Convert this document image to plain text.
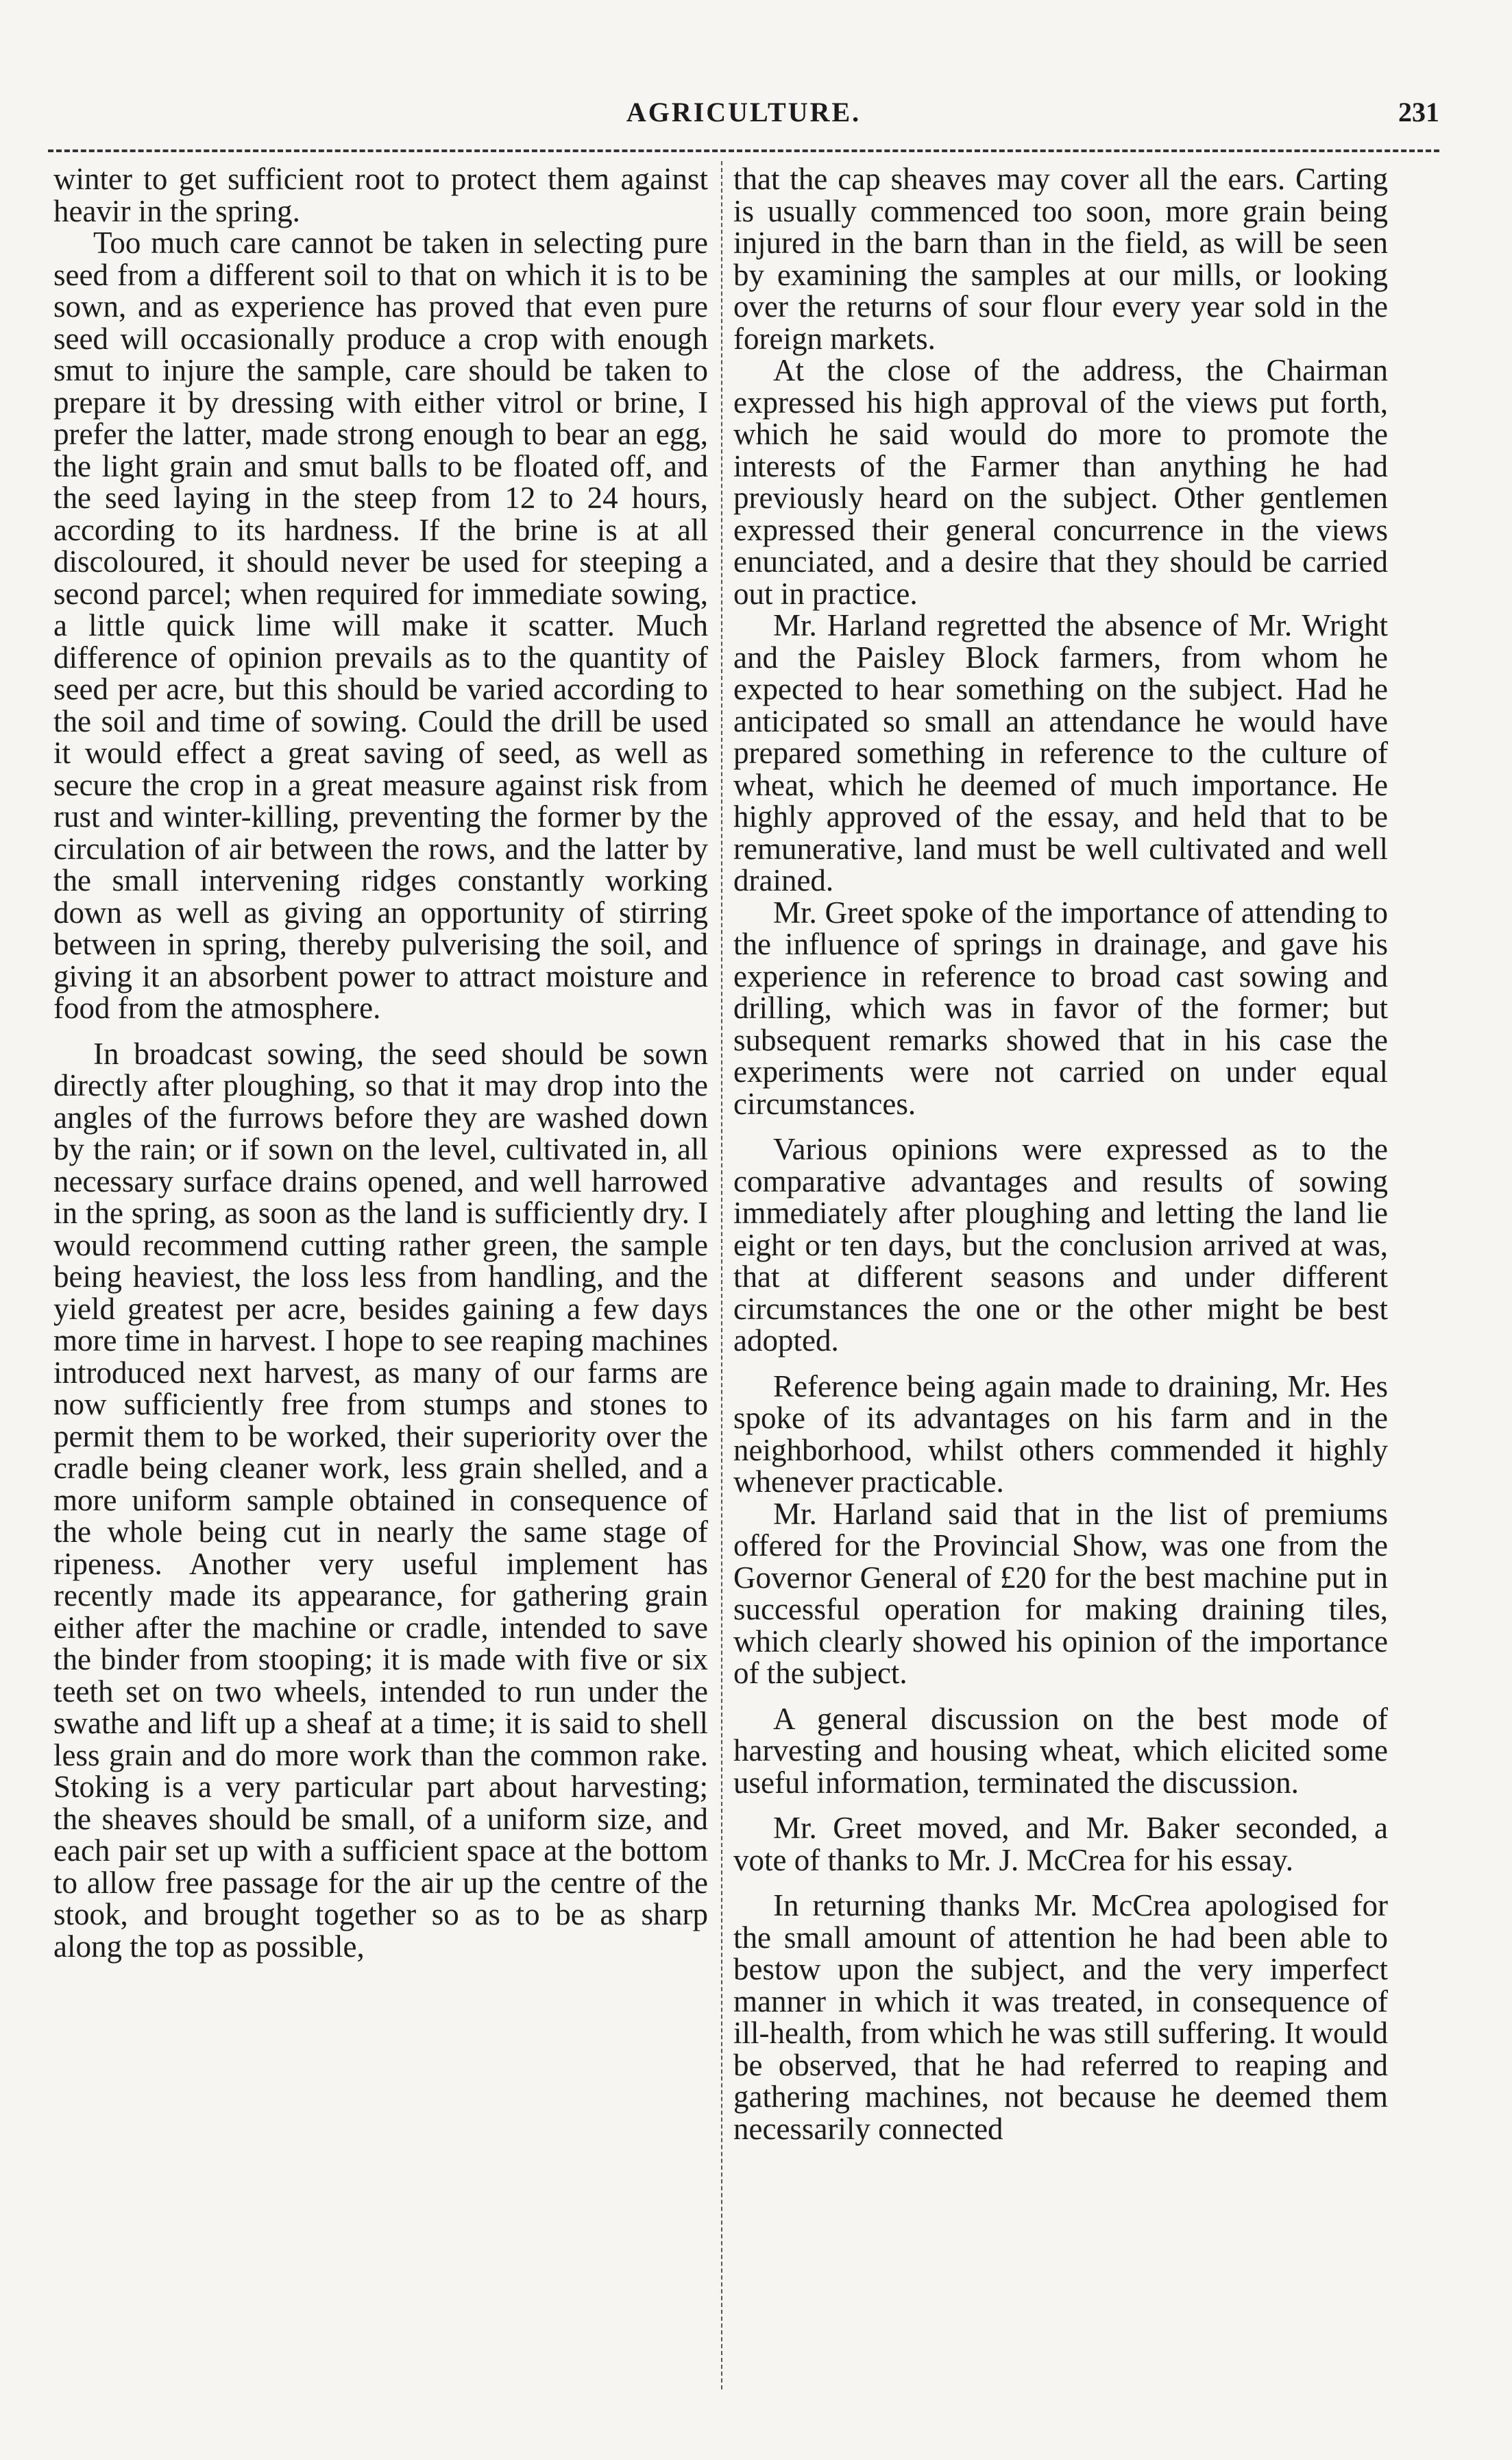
AGRICULTURE.	231

winter to get sufficient root to protect them against heavir in the spring.

Too much care cannot be taken in selecting pure seed from a different soil to that on which it is to be sown, and as experience has proved that even pure seed will occasionally produce a crop with enough smut to injure the sample, care should be taken to prepare it by dressing with either vitrol or brine, I prefer the latter, made strong enough to bear an egg, the light grain and smut balls to be floated off, and the seed laying in the steep from 12 to 24 hours, according to its hardness. If the brine is at all discoloured, it should never be used for steeping a second parcel; when required for immediate sowing, a little quick lime will make it scatter. Much difference of opinion prevails as to the quantity of seed per acre, but this should be varied according to the soil and time of sowing. Could the drill be used it would effect a great saving of seed, as well as secure the crop in a great measure against risk from rust and winter-killing, preventing the former by the circulation of air between the rows, and the latter by the small intervening ridges constantly working down as well as giving an opportunity of stirring between in spring, thereby pulverising the soil, and giving it an absorbent power to attract moisture and food from the atmosphere.

In broadcast sowing, the seed should be sown directly after ploughing, so that it may drop into the angles of the furrows before they are washed down by the rain; or if sown on the level, cultivated in, all necessary surface drains opened, and well harrowed in the spring, as soon as the land is sufficiently dry. I would recommend cutting rather green, the sample being heaviest, the loss less from handling, and the yield greatest per acre, besides gaining a few days more time in harvest. I hope to see reaping machines introduced next harvest, as many of our farms are now sufficiently free from stumps and stones to permit them to be worked, their superiority over the cradle being cleaner work, less grain shelled, and a more uniform sample obtained in consequence of the whole being cut in nearly the same stage of ripeness. Another very useful implement has recently made its appearance, for gathering grain either after the machine or cradle, intended to save the binder from stooping; it is made with five or six teeth set on two wheels, intended to run under the swathe and lift up a sheaf at a time; it is said to shell less grain and do more work than the common rake. Stoking is a very particular part about harvesting; the sheaves should be small, of a uniform size, and each pair set up with a sufficient space at the bottom to allow free passage for the air up the centre of the stook, and brought together so as to be as sharp along the top as possible,

that the cap sheaves may cover all the ears. Carting is usually commenced too soon, more grain being injured in the barn than in the field, as will be seen by examining the samples at our mills, or looking over the returns of sour flour every year sold in the foreign markets.

At the close of the address, the Chairman expressed his high approval of the views put forth, which he said would do more to promote the interests of the Farmer than anything he had previously heard on the subject. Other gentlemen expressed their general concurrence in the views enunciated, and a desire that they should be carried out in practice.

Mr. Harland regretted the absence of Mr. Wright and the Paisley Block farmers, from whom he expected to hear something on the subject. Had he anticipated so small an attendance he would have prepared something in reference to the culture of wheat, which he deemed of much importance. He highly approved of the essay, and held that to be remunerative, land must be well cultivated and well drained.

Mr. Greet spoke of the importance of attending to the influence of springs in drainage, and gave his experience in reference to broad cast sowing and drilling, which was in favor of the former; but subsequent remarks showed that in his case the experiments were not carried on under equal circumstances.

Various opinions were expressed as to the comparative advantages and results of sowing immediately after ploughing and letting the land lie eight or ten days, but the conclusion arrived at was, that at different seasons and under different circumstances the one or the other might be best adopted.

Reference being again made to draining, Mr. Hes spoke of its advantages on his farm and in the neighborhood, whilst others commended it highly whenever practicable.

Mr. Harland said that in the list of premiums offered for the Provincial Show, was one from the Governor General of £20 for the best machine put in successful operation for making draining tiles, which clearly showed his opinion of the importance of the subject.

A general discussion on the best mode of harvesting and housing wheat, which elicited some useful information, terminated the discussion.

Mr. Greet moved, and Mr. Baker seconded, a vote of thanks to Mr. J. McCrea for his essay.

In returning thanks Mr. McCrea apologised for the small amount of attention he had been able to bestow upon the subject, and the very imperfect manner in which it was treated, in consequence of ill-health, from which he was still suffering. It would be observed, that he had referred to reaping and gathering machines, not because he deemed them necessarily connected
